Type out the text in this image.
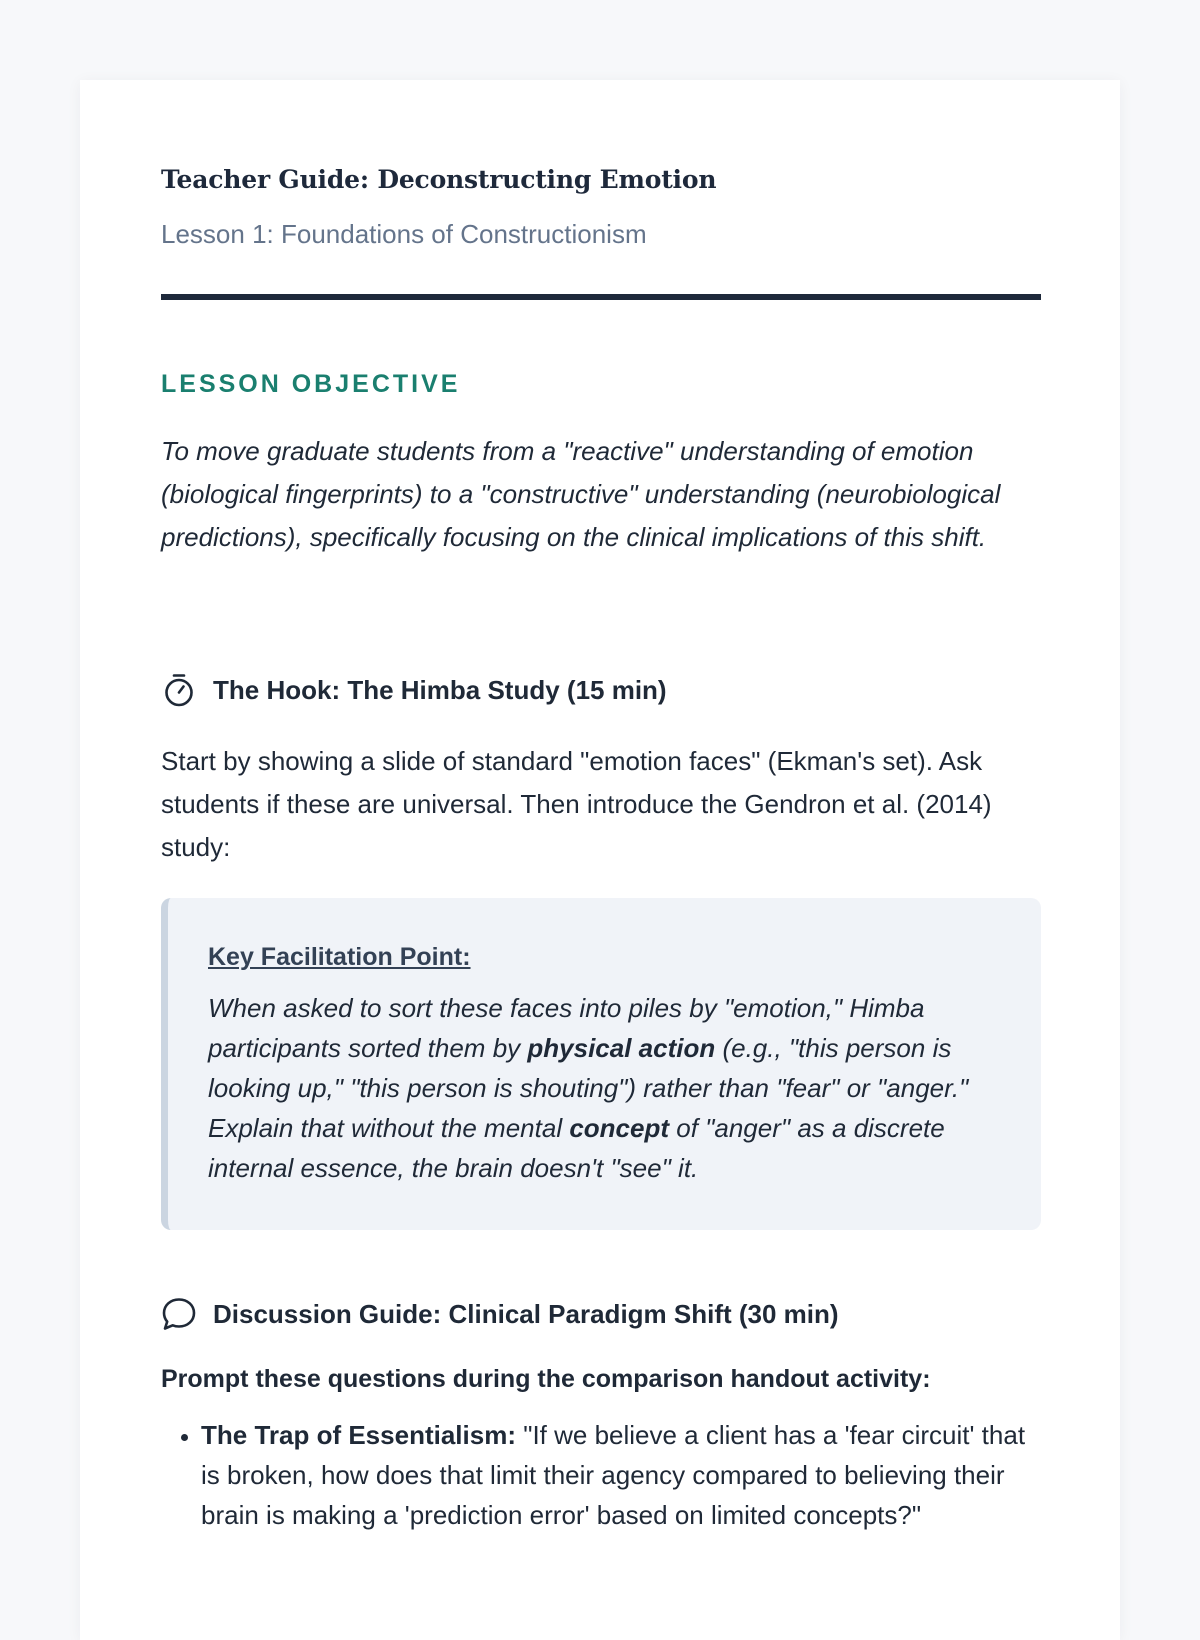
Teacher Guide: Deconstructing Emotion

Lesson 1: Foundations of Constructionism

LESSON OBJECTIVE

To move graduate students from a "reactive" understanding of emotion (biological fingerprints) to a "constructive" understanding (neurobiological predictions), specifically focusing on the clinical implications of this shift.

The Hook: The Himba Study (15 min)

Start by showing a slide of standard "emotion faces" (Ekman's set). Ask students if these are universal. Then introduce the Gendron et al. (2014) study:

Key Facilitation Point:

When asked to sort these faces into piles by "emotion," Himba participants sorted them by physical action (e.g., "this person is looking up," "this person is shouting") rather than "fear" or "anger." Explain that without the mental concept of "anger" as a discrete internal essence, the brain doesn't "see" it.

Discussion Guide: Clinical Paradigm Shift (30 min)

Prompt these questions during the comparison handout activity:

• The Trap of Essentialism: "If we believe a client has a 'fear circuit' that is broken, how does that limit their agency compared to believing their brain is making a 'prediction error' based on limited concepts?"
